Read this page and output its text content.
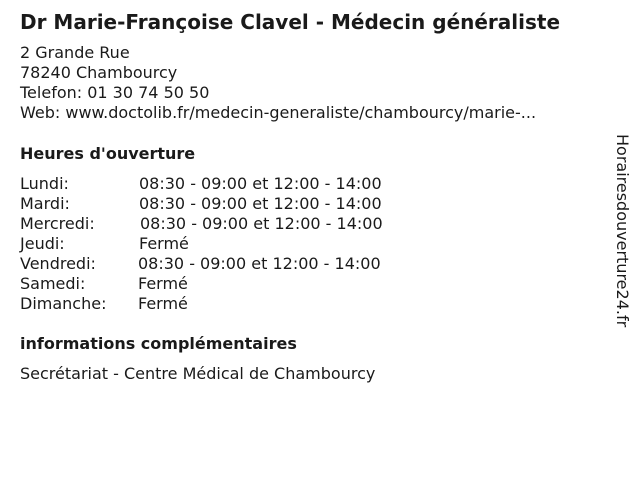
Dr Marie-Françoise Clavel - Médecin généraliste
2 Grande Rue
78240 Chambourcy
Telefon: 01 30 74 50 50
Web: www.doctolib.fr/medecin-generaliste/chambourcy/marie-...
Heures d'ouverture
Lundi:	08:30 - 09:00 et 12:00 - 14:00
Mardi:	08:30 - 09:00 et 12:00 - 14:00
Mercredi:	08:30 - 09:00 et 12:00 - 14:00
Jeudi:	Fermé
Vendredi:	08:30 - 09:00 et 12:00 - 14:00
Samedi:	Fermé
Dimanche: Fermé
informations complémentaires
Secrétariat - Centre Médical de Chambourcy
Horairesdouverture24.fr
